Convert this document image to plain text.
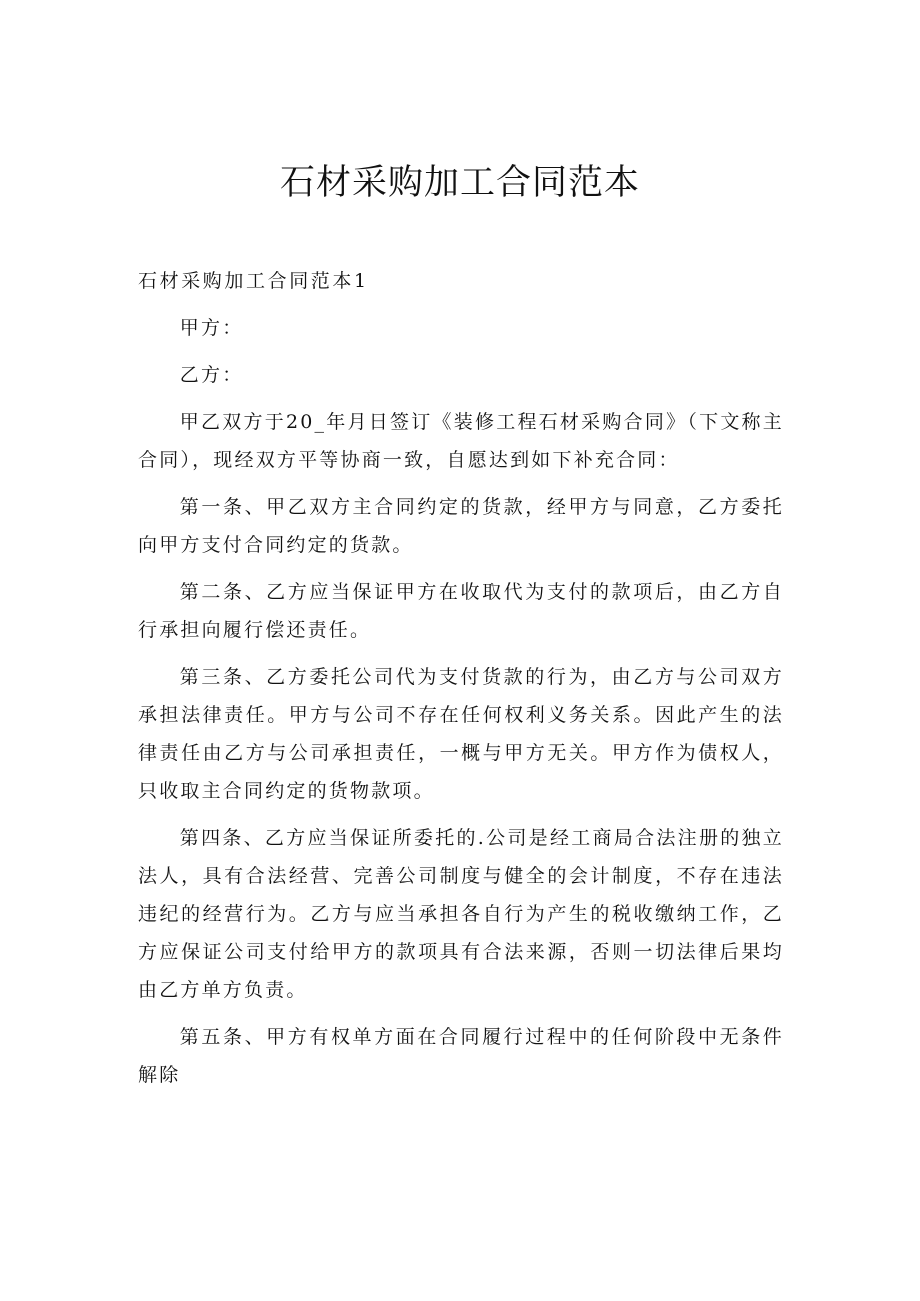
石材采购加工合同范本

石材采购加工合同范本1

甲方：

乙方：

甲乙双方于20_年月日签订《装修工程石材采购合同》（下文称主合同），现经双方平等协商一致，自愿达到如下补充合同：

第一条、甲乙双方主合同约定的货款，经甲方与同意，乙方委托向甲方支付合同约定的货款。

第二条、乙方应当保证甲方在收取代为支付的款项后，由乙方自行承担向履行偿还责任。

第三条、乙方委托公司代为支付货款的行为，由乙方与公司双方承担法律责任。甲方与公司不存在任何权利义务关系。因此产生的法律责任由乙方与公司承担责任，一概与甲方无关。甲方作为债权人，只收取主合同约定的货物款项。

第四条、乙方应当保证所委托的.公司是经工商局合法注册的独立法人，具有合法经营、完善公司制度与健全的会计制度，不存在违法违纪的经营行为。乙方与应当承担各自行为产生的税收缴纳工作，乙方应保证公司支付给甲方的款项具有合法来源，否则一切法律后果均由乙方单方负责。

第五条、甲方有权单方面在合同履行过程中的任何阶段中无条件解除
